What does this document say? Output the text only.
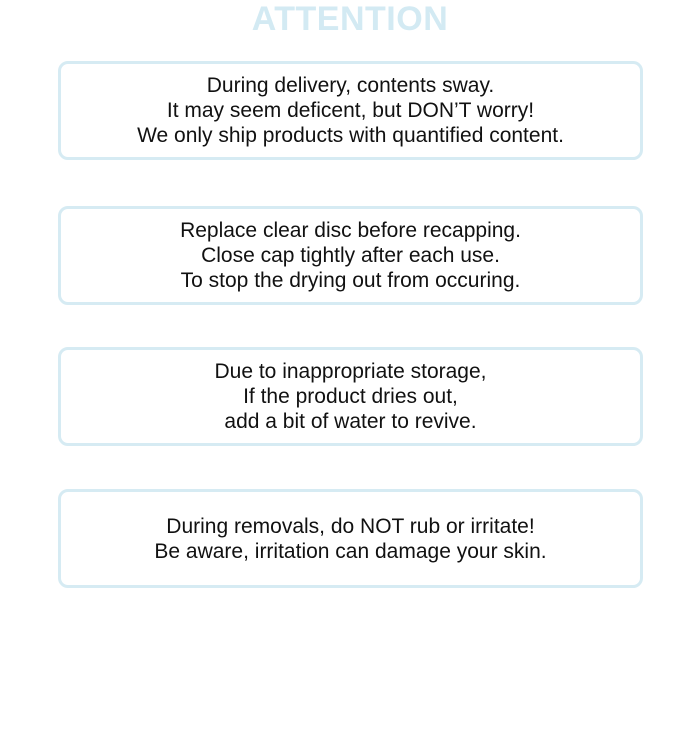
ATTENTION
During delivery, contents sway.
It may seem deficent, but DON’T worry!
We only ship products with quantified content.
Replace clear disc before recapping.
Close cap tightly after each use.
To stop the drying out from occuring.
Due to inappropriate storage,
If the product dries out,
add a bit of water to revive.
During removals, do NOT rub or irritate!
Be aware, irritation can damage your skin.
